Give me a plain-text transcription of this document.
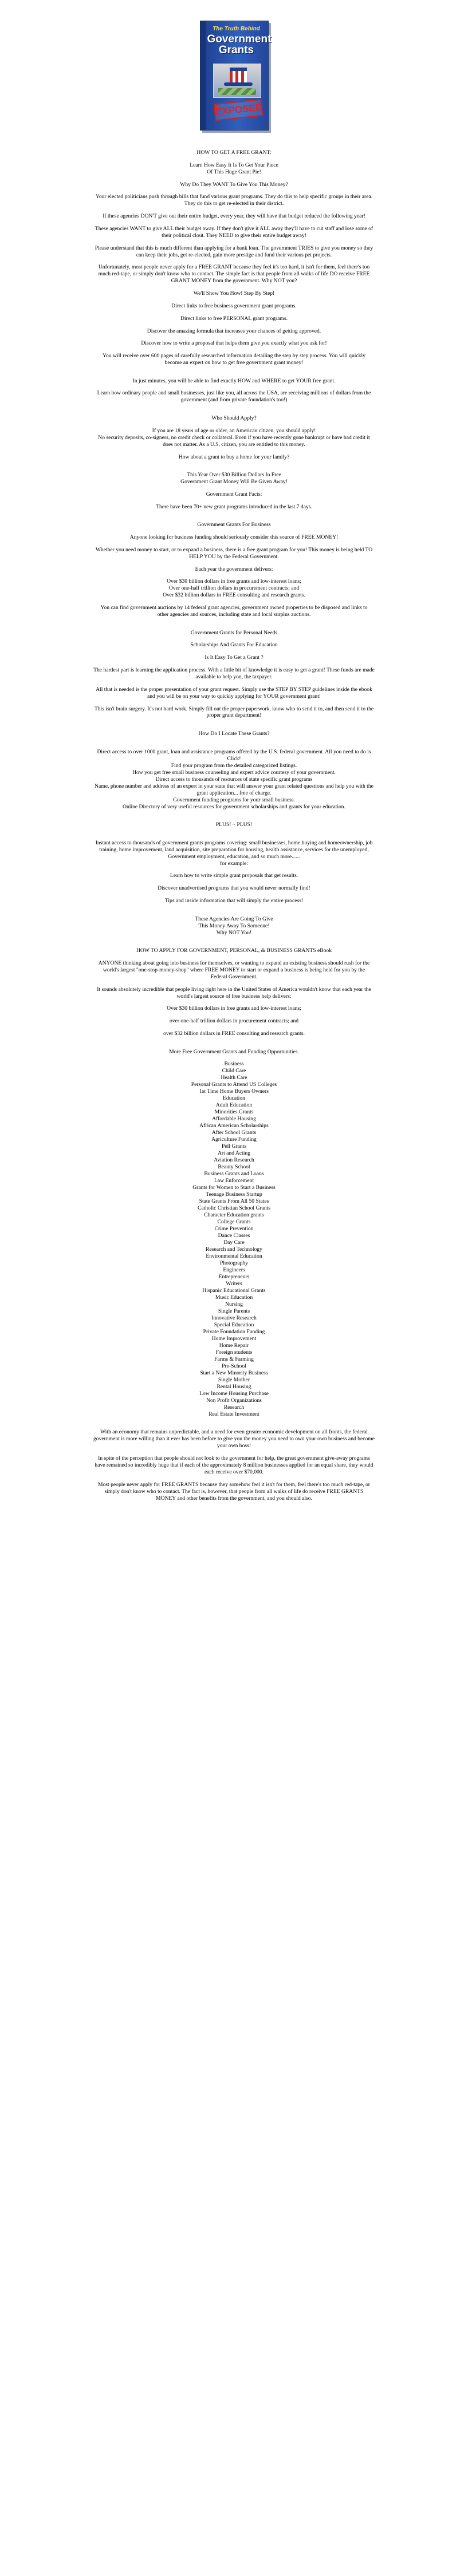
The Truth Behind
Government
Grants
EXPOSED

HOW TO GET A FREE GRANT:

Learn How Easy It Is To Get Your Piece
Of This Huge Grant Pie!

Why Do They WANT To Give You This Money?

Your elected politicians push through bills that fund various grant programs. They do this to help specific groups in their area.
They do this to get re-elected in their district.

If these agencies DON'T give out their entire budget, every year, they will have that budget reduced the following year!

These agencies WANT to give ALL their budget away. If they don't give it ALL away they'll have to cut staff and lose some of
their political clout. They NEED to give their entire budget away!

Please understand that this is much different than applying for a bank loan. The government TRIES to give you money so they
can keep their jobs, get re-elected, gain more prestige and fund their various pet projects.

Unfortunately, most people never apply for a FREE GRANT because they feel it's too hard, it isn't for them, feel there's too
much red-tape, or simply don't know who to contact. The simple fact is that people from all walks of life DO receive FREE
GRANT MONEY from the government. Why NOT you?

We'll Show You How! Step By Step!

Direct links to free business government grant programs.

Direct links to free PERSONAL grant programs.

Discover the amazing formula that increases your chances of getting approved.

Discover how to write a proposal that helps them give you exactly what you ask for!

You will receive over 600 pages of carefully researched information detailing the step by step process. You will quickly
become an expert on how to get free government grant money!

In just minutes, you will be able to find exactly HOW and WHERE to get YOUR free grant.

Learn how ordinary people and small businesses, just like you, all across the USA, are receiving millions of dollars from the
government (and from private foundation's too!)

Who Should Apply?

If you are 18 years of age or older, an American citizen, you should apply!
No security deposits, co-signers, no credit check or collateral. Even if you have recently gone bankrupt or have bad credit it
does not matter. As a U.S. citizen, you are entitled to this money.

How about a grant to buy a home for your family?

This Year Over $30 Billion Dollars In Free
Government Grant Money Will Be Given Away!

Government Grant Facts:

There have been 70+ new grant programs introduced in the last 7 days.

Government Grants For Business

Anyone looking for business funding should seriously consider this source of FREE MONEY!

Whether you need money to start, or to expand a business, there is a free grant program for you! This money is being held TO
HELP YOU by the Federal Government.

Each year the government delivers:

Over $30 billion dollars in free grants and low-interest loans;
Over one-half trillion dollars in procurement contracts; and
Over $32 billion dollars in FREE consulting and research grants.

You can find government auctions by 14 federal grant agencies, government owned properties to be disposed and links to
other agencies and sources, including state and local surplus auctions.

Government Grants for Personal Needs

Scholarships And Grants For Education

Is It Easy To Get a Grant ?

The hardest part is learning the application process. With a little bit of knowledge it is easy to get a grant! These funds are made
available to help you, the taxpayer.

All that is needed is the proper presentation of your grant request. Simply use the STEP BY STEP guidelines inside the ebook
and you will be on your way to quickly applying for YOUR government grant!

This isn't brain surgery. It's not hard work. Simply fill out the proper paperwork, know who to send it to, and then send it to the
proper grant department!

How Do I Locate These Grants?

Direct access to over 1000 grant, loan and assistance programs offered by the U.S. federal government. All you need to do is
Click!
Find your program from the detailed categorized listings.
How you get free small business counseling and expert advice courtesy of your government.
Direct access to thousands of resources of state specific grant programs
Name, phone number and address of an expert in your state that will answer your grant related questions and help you with the
grant application... free of charge.
Government funding programs for your small business.
Online Directory of very useful resources for government scholarships and grants for your education.

PLUS! ~ PLUS!

Instant access to thousands of government grants programs covering: small businesses, home buying and homeownership, job
training, home improvement, land acquisition, site preparation for housing, health assistance, services for the unemployed,
Government employment, education, and so much more......
for example:

Learn how to write simple grant proposals that get results.

Discover unadvertised programs that you would never normally find!

Tips and inside information that will simply the entire process!

These Agencies Are Going To Give
This Money Away To Someone!
Why NOT You!

HOW TO APPLY FOR GOVERNMENT, PERSONAL, & BUSINESS GRANTS eBook

ANYONE thinking about going into business for themselves, or wanting to expand an existing business should rush for the
world's largest "one-stop-money-shop" where FREE MONEY to start or expand a business is being held for you by the
Federal Government.

It sounds absolutely incredible that people living right here in the United States of America wouldn't know that each year the
world's largest source of free business help delivers:

Over $30 billion dollars in free grants and low-interest loans;

over one-half trillion dollars in procurement contracts; and

over $32 billion dollars in FREE consulting and research grants.

More Free Government Grants and Funding Opportunities.

Business
Child Care
Health Care
Personal Grants to Attend US Colleges
1st Time Home Buyers Owners
Education
Adult Education
Minorities Grants
Affordable Housing
African American Scholarships
After School Grants
Agriculture Funding
Pell Grants
Art and Acting
Aviation Research
Beauty School
Business Grants and Loans
Law Enforcement
Grants for Women to Start a Business
Teenage Business Startup
State Grants From All 50 States
Catholic Christian School Grants
Character Education grants
College Grants
Crime Prevention
Dance Classes
Day Care
Research and Technology
Environmental Education
Photography
Engineers
Entrepreneurs
Writers
Hispanic Educational Grants
Music Education
Nursing
Single Parents
Innovative Research
Special Education
Private Foundation Funding
Home Improvement
Home Repair
Foreign students
Farms & Farming
Pre-School
Start a New Minority Business
Single Mother
Rental Housing
Low Income Housing Purchase
Non Profit Organizations
Research
Real Estate Investment

With an economy that remains unpredictable, and a need for even greater economic development on all fronts, the federal
government is more willing than it ever has been before to give you the money you need to own your own business and become
your own boss!

In spite of the perception that people should not look to the government for help, the great government give-away programs
have remained so incredibly huge that if each of the approximately 8 million businesses applied for an equal share, they would
each receive over $70,000.

Most people never apply for FREE GRANTS because they somehow feel it isn't for them, feel there's too much red-tape, or
simply don't know who to contact. The fact is, however, that people from all walks of life do receive FREE GRANTS
MONEY and other benefits from the government, and you should also.
